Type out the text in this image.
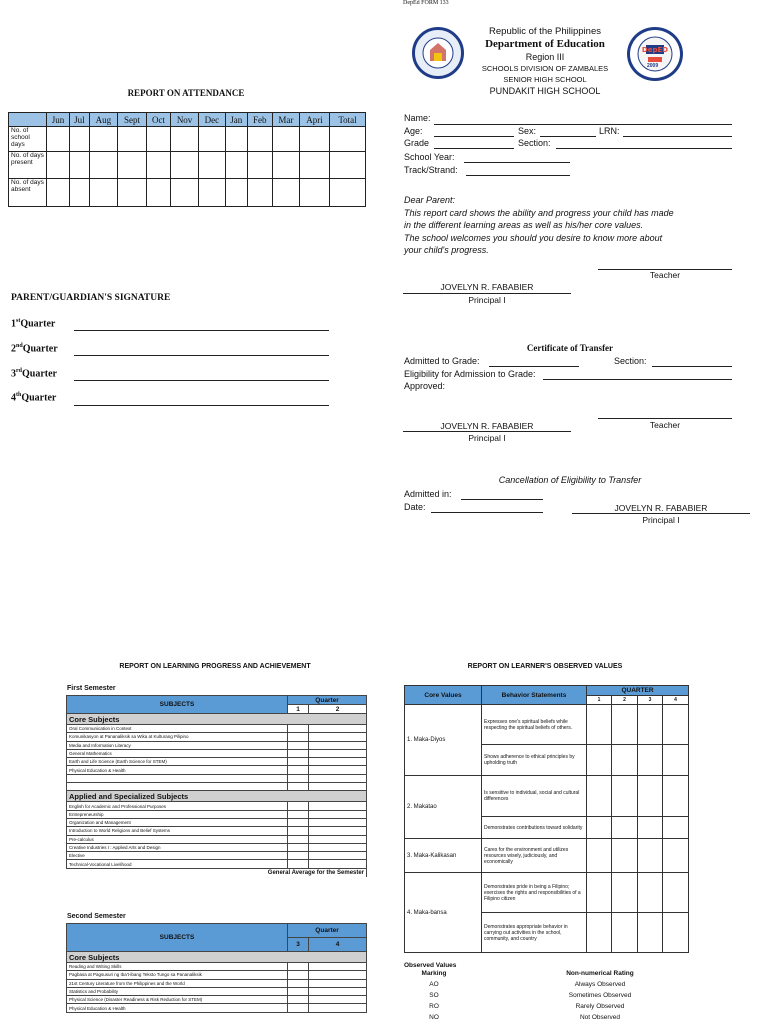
DepEd FORM 133
DepED
2009
Republic of the Philippines
Department of Education
Region III
SCHOOLS DIVISION OF ZAMBALES
SENIOR HIGH SCHOOL
PUNDAKIT HIGH SCHOOL
REPORT ON ATTENDANCE
	Jun	Jul	Aug	Sept	Oct	Nov	Dec	Jan	Feb	Mar	Apri	Total
No. of school days												
No. of days present												
No. of days absent												
PARENT/GUARDIAN'S SIGNATURE
1stQuarter
2ndQuarter
3rdQuarter
4thQuarter
Name:
Age:	Sex:	LRN:
Grade	Section:
School Year:
Track/Strand:
Dear Parent:
This report card shows the ability and progress your child has made
in the different learning areas as well as his/her core values.
The school welcomes you should you desire to know more about
your child's progress.
Teacher
JOVELYN R. FABABIER
Principal I
Certificate of Transfer
Admitted to Grade:	Section:
Eligibility for Admission to Grade:
Approved:
Teacher
JOVELYN R. FABABIER
Principal I
Cancellation of Eligibility to Transfer
Admitted in:
Date:	JOVELYN R. FABABIER
Principal I
REPORT ON LEARNING PROGRESS AND ACHIEVEMENT
First Semester
SUBJECTS	Quarter	
	1	2	
Core Subjects			
Oral Communication in Context			
Komunikasyon at Pananaliksik sa Wika at Kulturang Pilipino			
Media and Information Literacy			
General Mathematics			
Earth and Life Science (Earth Science for STEM)			
Physical Education & Health			

Applied and Specialized Subjects			
English for Academic and Professional Purposes			
Entrepreneurship			
Organization and Management			
Introduction to World Religions and Belief Systems			
Pre-calculus			
Creative Industries I : Applied Arts and Design			
Elective			
Technical-Vocational Livelihood			
General Average for the Semester			
Second Semester
SUBJECTS	Quarter	
	3	4	
Core Subjects			
Reading and Writing Skills			
Pagbasa at Pagsusuri ng Iba't-ibang Teksto Tungo sa Pananaliksik			
21st Century Literature from the Philippines and the World			
Statistics and Probability			
Physical Science (Disaster Readiness & Risk Reduction for STEM)			
Physical Education & Health			
REPORT ON LEARNER'S OBSERVED VALUES
Core Values	Behavior Statements	QUARTER			
		1	2	3	4
1. Maka-Diyos	Expresses one's spiritual beliefs while respecting the spiritual beliefs of others.				
	Shows adherence to ethical principles by upholding truth				
2. Makatao	Is sensitive to individual, social and cultural differences				
	Demonstrates contributions toward solidarity				
3. Maka-Kalikasan	Cares for the environment and utilizes resources wisely, judiciously, and economically				
4. Maka-bansa	Demonstrates pride in being a Filipino; exercises the rights and responsibilities of a Filipino citizen				
	Demonstrates appropriate behavior in carrying out activities in the school, community, and country				
Observed Values
Marking	Non-numerical Rating
AO	Always Observed
SO	Sometimes Observed
RO	Rarely Observed
NO	Not Observed
